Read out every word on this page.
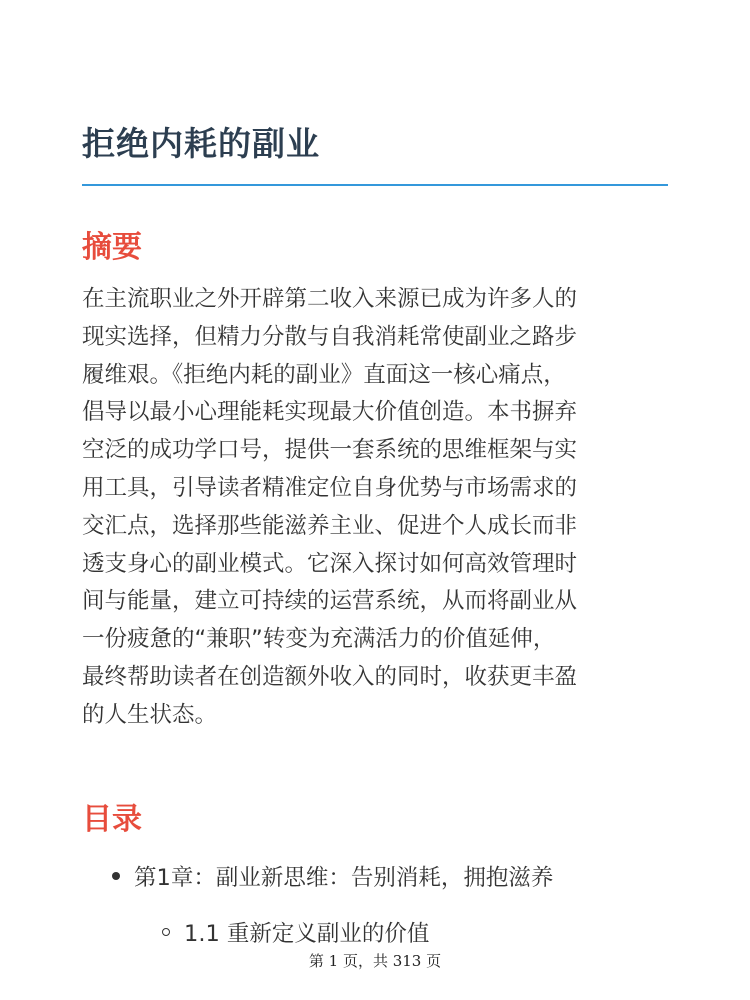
拒绝内耗的副业
摘要
在主流职业之外开辟第二收入来源已成为许多人的
现实选择，但精力分散与自我消耗常使副业之路步
履维艰。《拒绝内耗的副业》直面这一核心痛点，
倡导以最小心理能耗实现最大价值创造。本书摒弃
空泛的成功学口号，提供一套系统的思维框架与实
用工具，引导读者精准定位自身优势与市场需求的
交汇点，选择那些能滋养主业、促进个人成长而非
透支身心的副业模式。它深入探讨如何高效管理时
间与能量，建立可持续的运营系统，从而将副业从
一份疲惫的“兼职”转变为充满活力的价值延伸，
最终帮助读者在创造额外收入的同时，收获更丰盈
的人生状态。
目录
第1章：副业新思维：告别消耗，拥抱滋养
1.1 重新定义副业的价值
第 1 页，共 313 页
